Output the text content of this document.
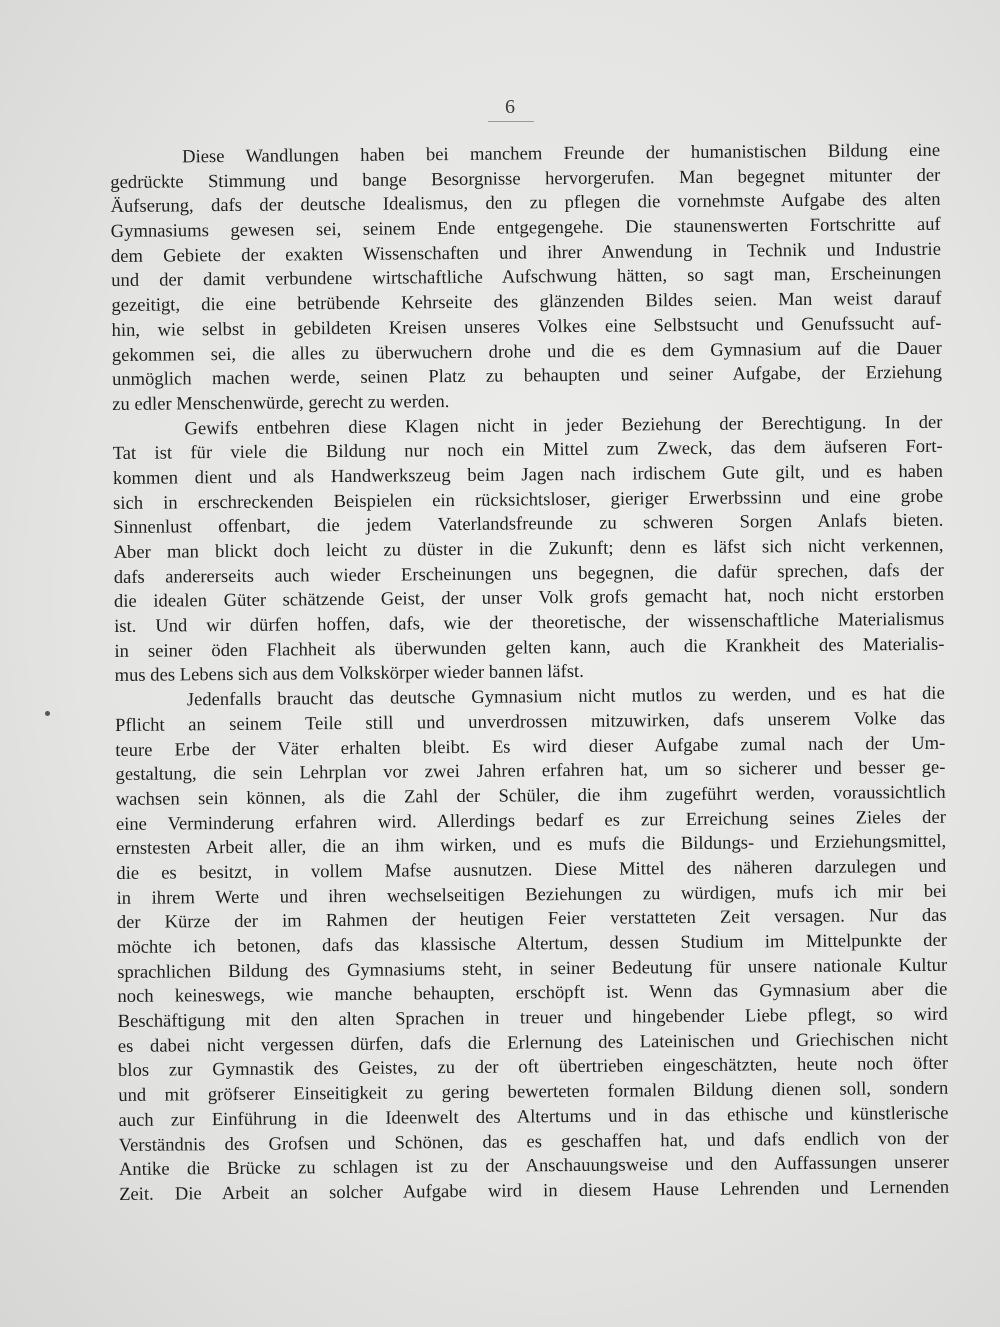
6
Diese Wandlungen haben bei manchem Freunde der humanistischen Bildung eine
gedrückte Stimmung und bange Besorgnisse hervorgerufen. Man begegnet mitunter der
Äufserung, dafs der deutsche Idealismus, den zu pflegen die vornehmste Aufgabe des alten
Gymnasiums gewesen sei, seinem Ende entgegengehe. Die staunenswerten Fortschritte auf
dem Gebiete der exakten Wissenschaften und ihrer Anwendung in Technik und Industrie
und der damit verbundene wirtschaftliche Aufschwung hätten, so sagt man, Erscheinungen
gezeitigt, die eine betrübende Kehrseite des glänzenden Bildes seien. Man weist darauf
hin, wie selbst in gebildeten Kreisen unseres Volkes eine Selbstsucht und Genufssucht auf-
gekommen sei, die alles zu überwuchern drohe und die es dem Gymnasium auf die Dauer
unmöglich machen werde, seinen Platz zu behaupten und seiner Aufgabe, der Erziehung
zu edler Menschenwürde, gerecht zu werden.
Gewifs entbehren diese Klagen nicht in jeder Beziehung der Berechtigung. In der
Tat ist für viele die Bildung nur noch ein Mittel zum Zweck, das dem äufseren Fort-
kommen dient und als Handwerkszeug beim Jagen nach irdischem Gute gilt, und es haben
sich in erschreckenden Beispielen ein rücksichtsloser, gieriger Erwerbssinn und eine grobe
Sinnenlust offenbart, die jedem Vaterlandsfreunde zu schweren Sorgen Anlafs bieten.
Aber man blickt doch leicht zu düster in die Zukunft; denn es läfst sich nicht verkennen,
dafs andererseits auch wieder Erscheinungen uns begegnen, die dafür sprechen, dafs der
die idealen Güter schätzende Geist, der unser Volk grofs gemacht hat, noch nicht erstorben
ist. Und wir dürfen hoffen, dafs, wie der theoretische, der wissenschaftliche Materialismus
in seiner öden Flachheit als überwunden gelten kann, auch die Krankheit des Materialis-
mus des Lebens sich aus dem Volkskörper wieder bannen läfst.
Jedenfalls braucht das deutsche Gymnasium nicht mutlos zu werden, und es hat die
Pflicht an seinem Teile still und unverdrossen mitzuwirken, dafs unserem Volke das
teure Erbe der Väter erhalten bleibt. Es wird dieser Aufgabe zumal nach der Um-
gestaltung, die sein Lehrplan vor zwei Jahren erfahren hat, um so sicherer und besser ge-
wachsen sein können, als die Zahl der Schüler, die ihm zugeführt werden, voraussichtlich
eine Verminderung erfahren wird. Allerdings bedarf es zur Erreichung seines Zieles der
ernstesten Arbeit aller, die an ihm wirken, und es mufs die Bildungs- und Erziehungsmittel,
die es besitzt, in vollem Mafse ausnutzen. Diese Mittel des näheren darzulegen und
in ihrem Werte und ihren wechselseitigen Beziehungen zu würdigen, mufs ich mir bei
der Kürze der im Rahmen der heutigen Feier verstatteten Zeit versagen. Nur das
möchte ich betonen, dafs das klassische Altertum, dessen Studium im Mittelpunkte der
sprachlichen Bildung des Gymnasiums steht, in seiner Bedeutung für unsere nationale Kultur
noch keineswegs, wie manche behaupten, erschöpft ist. Wenn das Gymnasium aber die
Beschäftigung mit den alten Sprachen in treuer und hingebender Liebe pflegt, so wird
es dabei nicht vergessen dürfen, dafs die Erlernung des Lateinischen und Griechischen nicht
blos zur Gymnastik des Geistes, zu der oft übertrieben eingeschätzten, heute noch öfter
und mit gröfserer Einseitigkeit zu gering bewerteten formalen Bildung dienen soll, sondern
auch zur Einführung in die Ideenwelt des Altertums und in das ethische und künstlerische
Verständnis des Grofsen und Schönen, das es geschaffen hat, und dafs endlich von der
Antike die Brücke zu schlagen ist zu der Anschauungsweise und den Auffassungen unserer
Zeit. Die Arbeit an solcher Aufgabe wird in diesem Hause Lehrenden und Lernenden
